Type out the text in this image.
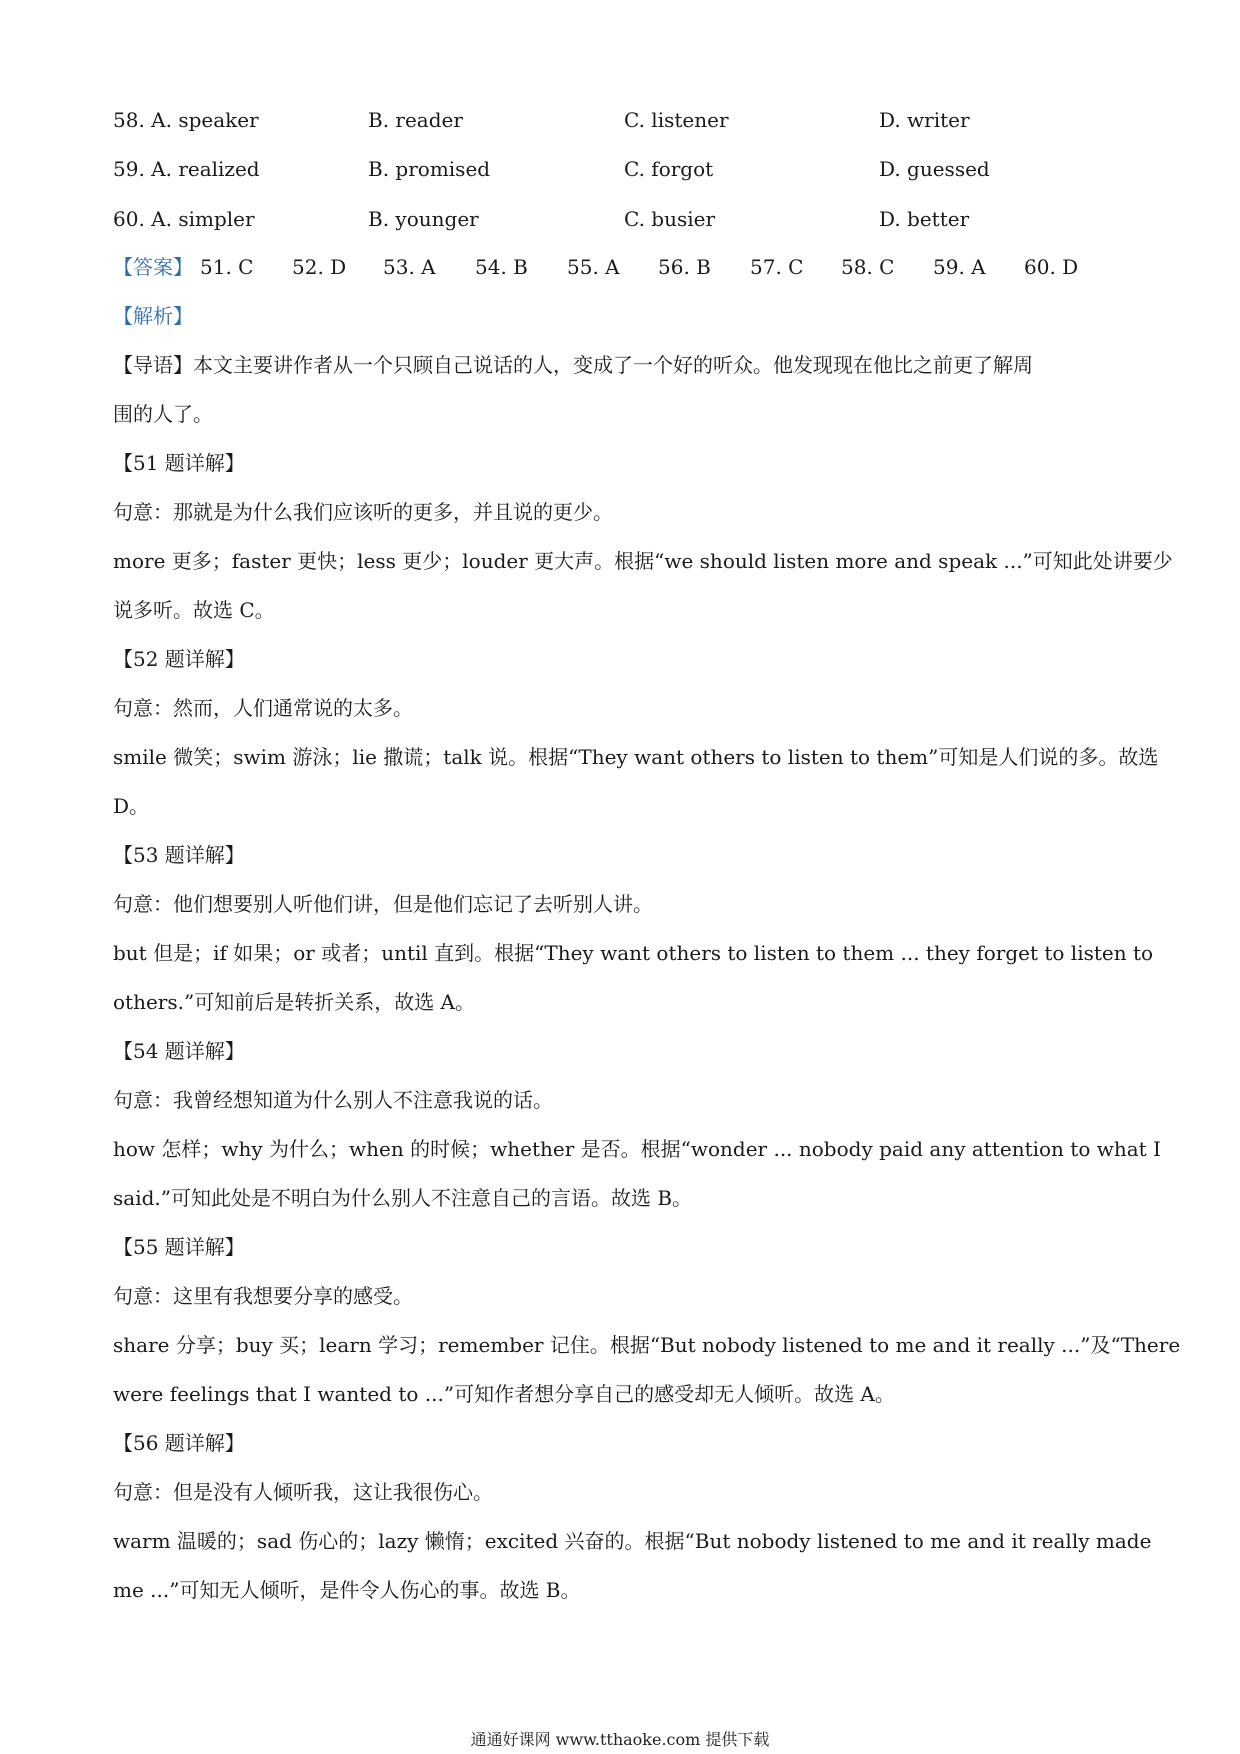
58. A. speaker	B. reader	C. listener	D. writer
59. A. realized	B. promised	C. forgot	D. guessed
60. A. simpler	B. younger	C. busier	D. better
【答案】 51. C 52. D 53. A 54. B 55. A 56. B 57. C 58. C 59. A 60. D
【解析】
【导语】本文主要讲作者从一个只顾自己说话的人，变成了一个好的听众。他发现现在他比之前更了解周
围的人了。
【51 题详解】
句意：那就是为什么我们应该听的更多，并且说的更少。
more 更多；faster 更快；less 更少；louder 更大声。根据“we should listen more and speak ...”可知此处讲要少
说多听。故选 C。
【52 题详解】
句意：然而，人们通常说的太多。
smile 微笑；swim 游泳；lie 撒谎；talk 说。根据“They want others to listen to them”可知是人们说的多。故选
D。
【53 题详解】
句意：他们想要别人听他们讲，但是他们忘记了去听别人讲。
but 但是；if 如果；or 或者；until 直到。根据“They want others to listen to them ... they forget to listen to
others.”可知前后是转折关系，故选 A。
【54 题详解】
句意：我曾经想知道为什么别人不注意我说的话。
how 怎样；why 为什么；when 的时候；whether 是否。根据“wonder ... nobody paid any attention to what I
said.”可知此处是不明白为什么别人不注意自己的言语。故选 B。
【55 题详解】
句意：这里有我想要分享的感受。
share 分享；buy 买；learn 学习；remember 记住。根据“But nobody listened to me and it really ...”及“There
were feelings that I wanted to ...”可知作者想分享自己的感受却无人倾听。故选 A。
【56 题详解】
句意：但是没有人倾听我，这让我很伤心。
warm 温暖的；sad 伤心的；lazy 懒惰；excited 兴奋的。根据“But nobody listened to me and it really made
me ...”可知无人倾听，是件令人伤心的事。故选 B。
通通好课网 www.tthaoke.com 提供下载
